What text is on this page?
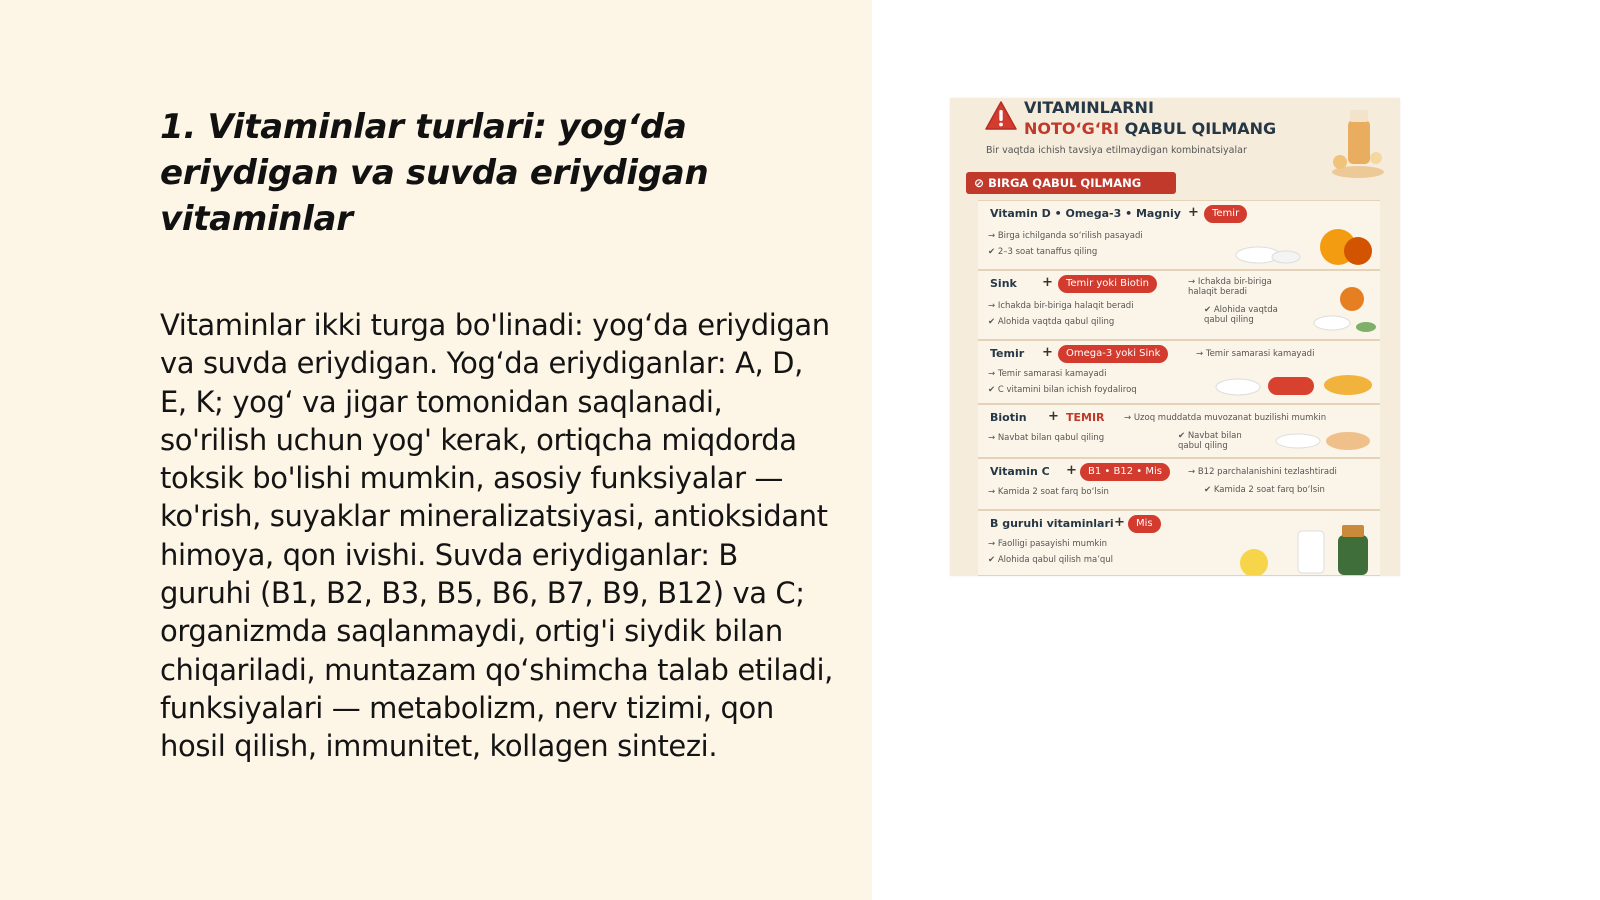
1. Vitaminlar turlari: yog‘da eriydigan va suvda eriydigan vitaminlar

Vitaminlar ikki turga bo'linadi: yog‘da eriydigan va suvda eriydigan. Yog‘da eriydiganlar: A, D, E, K; yog‘ va jigar tomonidan saqlanadi, so'rilish uchun yog' kerak, ortiqcha miqdorda toksik bo'lishi mumkin, asosiy funksiyalar — ko'rish, suyaklar mineralizatsiyasi, antioksidant himoya, qon ivishi. Suvda eriydiganlar: B guruhi (B1, B2, B3, B5, B6, B7, B9, B12) va C; organizmda saqlanmaydi, ortig'i siydik bilan chiqariladi, muntazam qo‘shimcha talab etiladi, funksiyalari — metabolizm, nerv tizimi, qon hosil qilish, immunitet, kollagen sintezi.

VITAMINLARNI
NOTO‘G‘RI QABUL QILMANG
Bir vaqtda ichish tavsiya etilmaydigan kombinatsiyalar
⊘ BIRGA QABUL QILMANG
Vitamin D • Omega-3 • Magniy +	Temir
→ Birga ichilganda so‘rilish pasayadi
✔ 2–3 soat tanaffus qiling
Sink +	Temir yoki Biotin	→ Ichakda bir-biriga halaqit beradi
→ Ichakda bir-biriga halaqit beradi
✔ Alohida vaqtda qabul qiling
✔ Alohida vaqtda qabul qiling
Temir +	Omega-3 yoki Sink	→ Temir samarasi kamayadi
→ Temir samarasi kamayadi
✔ C vitamini bilan ichish foydaliroq
Biotin + TEMIR → Uzoq muddatda muvozanat buzilishi mumkin
→ Navbat bilan qabul qiling	✔ Navbat bilan qabul qiling
Vitamin C +	B1 • B12 • Mis	→ B12 parchalanishini tezlashtiradi
→ Kamida 2 soat farq bo‘lsin	✔ Kamida 2 soat farq bo‘lsin
B guruhi vitaminlari +	Mis
→ Faolligi pasayishi mumkin
✔ Alohida qabul qilish ma’qul
